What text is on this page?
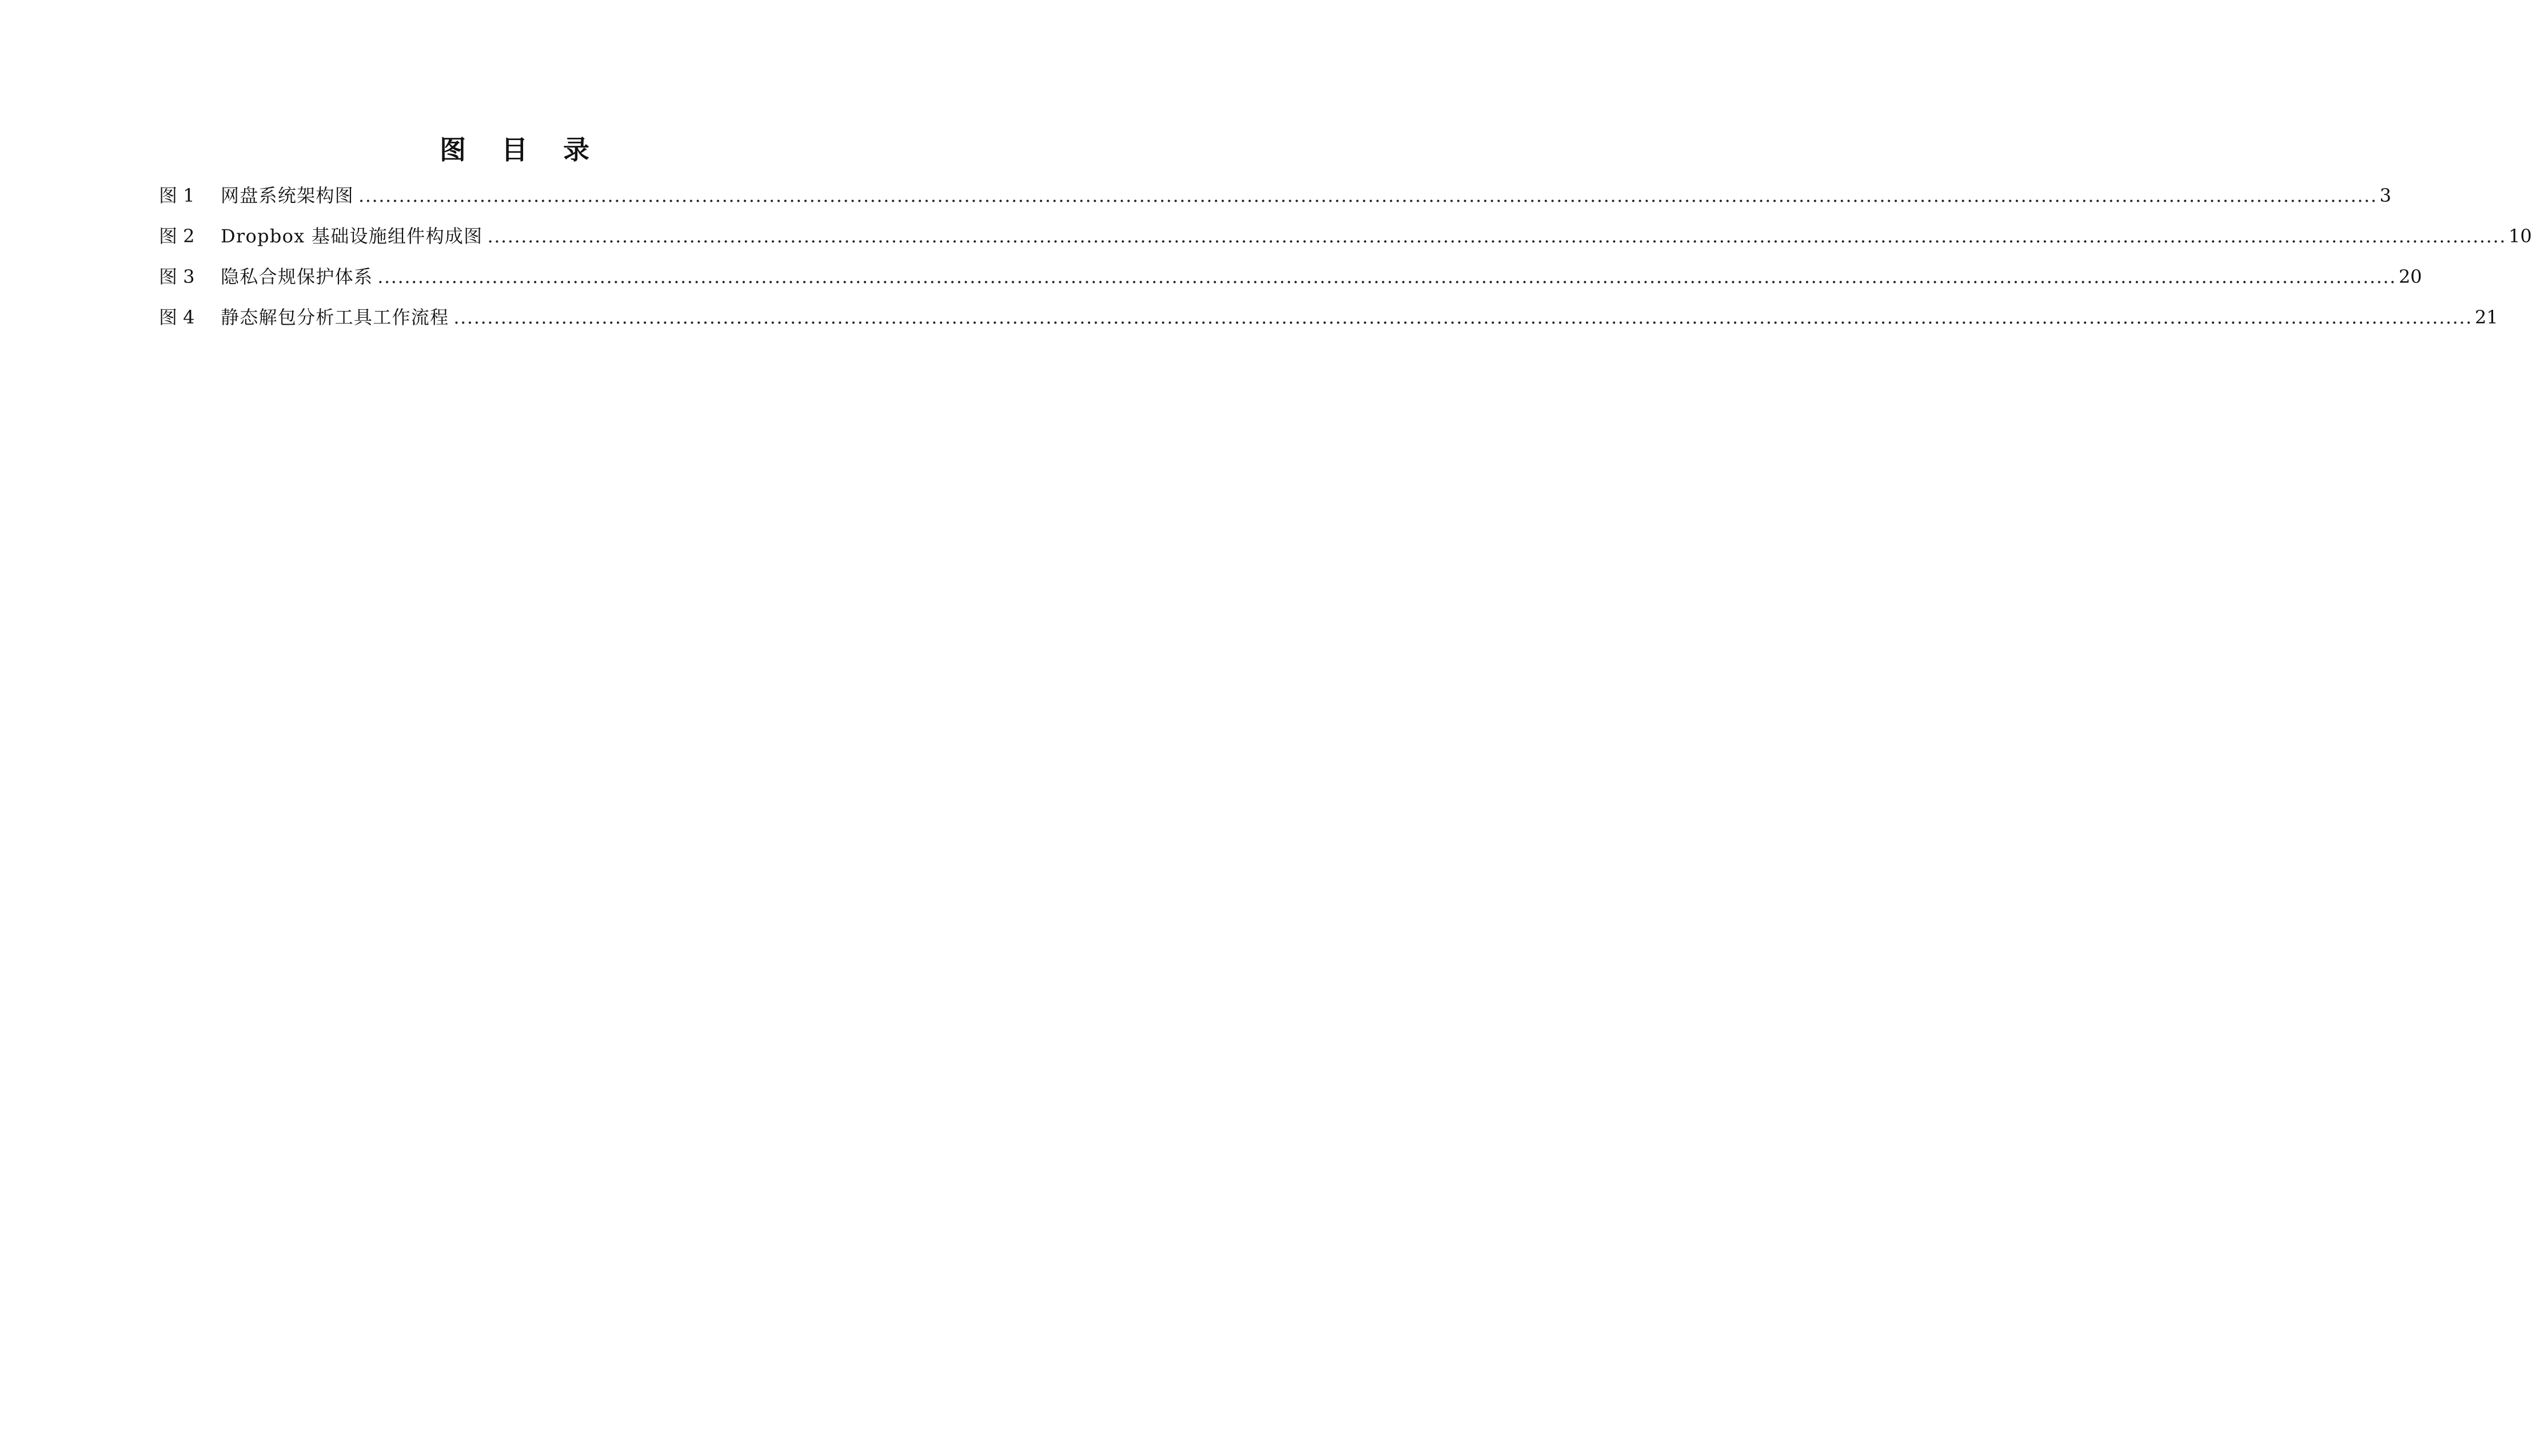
图 目 录
图 1	网盘系统架构图 ............................................................................................................................................................................................................................................................................................................ 3
图 2	Dropbox 基础设施组件构成图 ............................................................................................................................................................................................................................................................................................................ 10
图 3	隐私合规保护体系 ............................................................................................................................................................................................................................................................................................................ 20
图 4	静态解包分析工具工作流程 ............................................................................................................................................................................................................................................................................................................ 21
